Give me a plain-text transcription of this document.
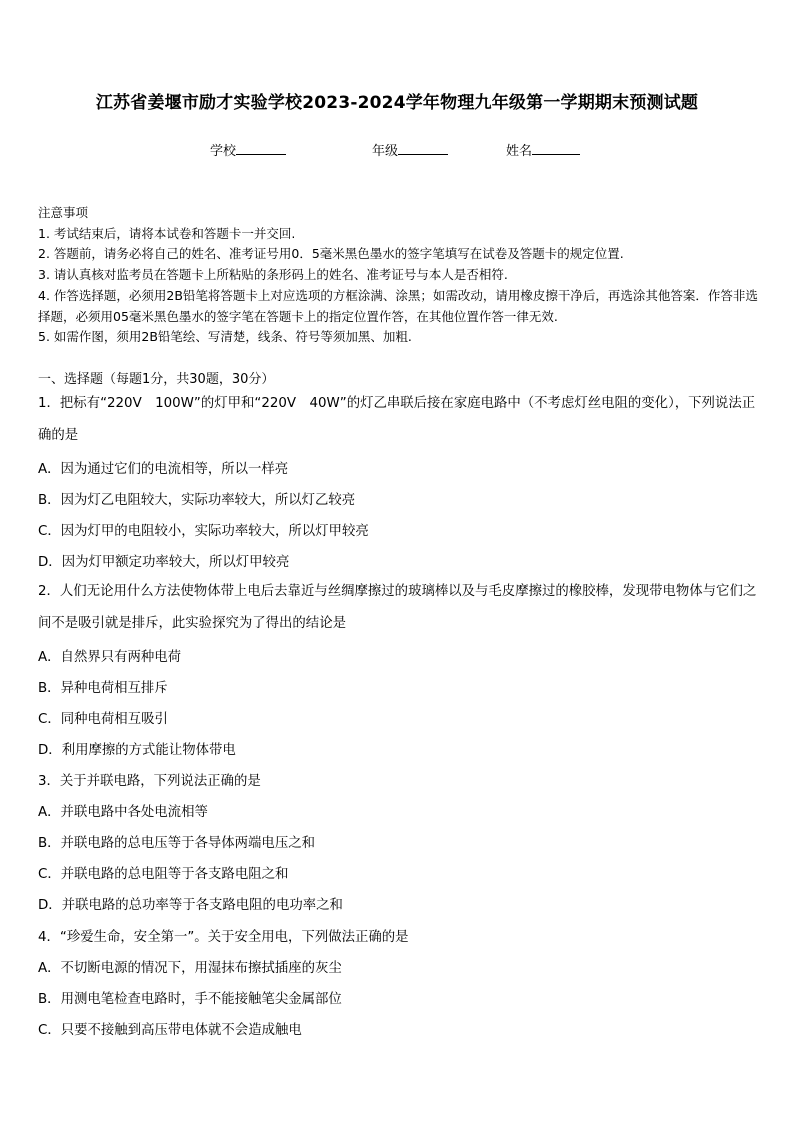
江苏省姜堰市励才实验学校2023-2024学年物理九年级第一学期期末预测试题
学校	年级	姓名
注意事项
1. 考试结束后，请将本试卷和答题卡一并交回.
2. 答题前，请务必将自己的姓名、准考证号用0．5毫米黑色墨水的签字笔填写在试卷及答题卡的规定位置.
3. 请认真核对监考员在答题卡上所粘贴的条形码上的姓名、准考证号与本人是否相符.
4. 作答选择题，必须用2B铅笔将答题卡上对应选项的方框涂满、涂黑；如需改动，请用橡皮擦干净后，再选涂其他答案．作答非选择题，必须用05毫米黑色墨水的签字笔在答题卡上的指定位置作答，在其他位置作答一律无效.
5. 如需作图，须用2B铅笔绘、写清楚，线条、符号等须加黑、加粗.
一、选择题（每题1分，共30题，30分）
1．把标有“220V　100W”的灯甲和“220V　40W”的灯乙串联后接在家庭电路中（不考虑灯丝电阻的变化），下列说法正确的是
A．因为通过它们的电流相等，所以一样亮
B．因为灯乙电阻较大，实际功率较大，所以灯乙较亮
C．因为灯甲的电阻较小，实际功率较大，所以灯甲较亮
D．因为灯甲额定功率较大，所以灯甲较亮
2．人们无论用什么方法使物体带上电后去靠近与丝绸摩擦过的玻璃棒以及与毛皮摩擦过的橡胶棒，发现带电物体与它们之间不是吸引就是排斥，此实验探究为了得出的结论是
A．自然界只有两种电荷
B．异种电荷相互排斥
C．同种电荷相互吸引
D．利用摩擦的方式能让物体带电
3．关于并联电路，下列说法正确的是
A．并联电路中各处电流相等
B．并联电路的总电压等于各导体两端电压之和
C．并联电路的总电阻等于各支路电阻之和
D．并联电路的总功率等于各支路电阻的电功率之和
4．“珍爱生命，安全第一”。关于安全用电，下列做法正确的是
A．不切断电源的情况下，用湿抹布擦拭插座的灰尘
B．用测电笔检查电路时，手不能接触笔尖金属部位
C．只要不接触到高压带电体就不会造成触电
